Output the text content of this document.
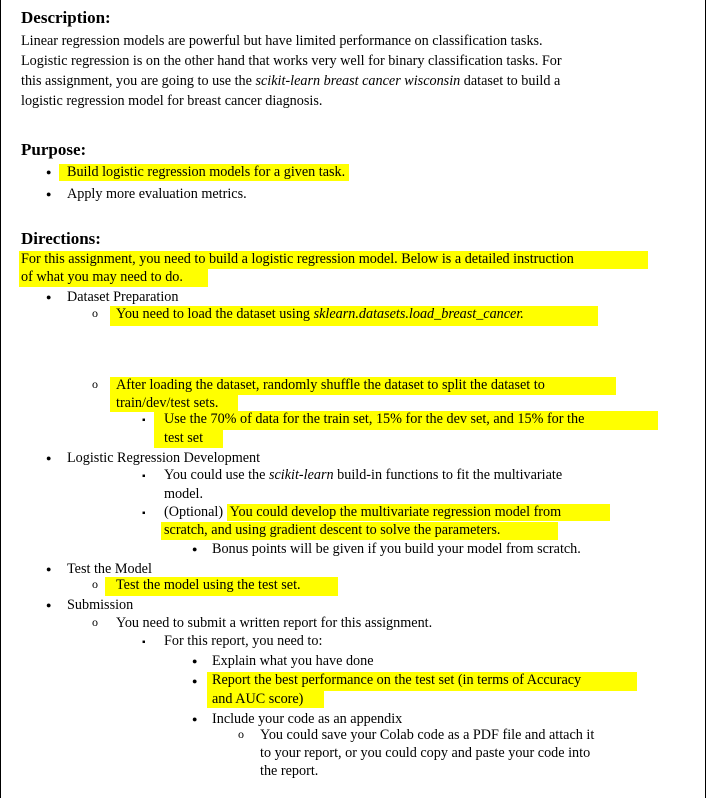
Description:
Linear regression models are powerful but have limited performance on classification tasks.
Logistic regression is on the other hand that works very well for binary classification tasks. For
this assignment, you are going to use the scikit-learn breast cancer wisconsin dataset to build a
logistic regression model for breast cancer diagnosis.
Purpose:
●
Build logistic regression models for a given task.
●
Apply more evaluation metrics.
Directions:
For this assignment, you need to build a logistic regression model. Below is a detailed instruction
of what you may need to do.
●
Dataset Preparation
o
You need to load the dataset using sklearn.datasets.load_breast_cancer.
o
After loading the dataset, randomly shuffle the dataset to split the dataset to
train/dev/test sets.
▪
Use the 70% of data for the train set, 15% for the dev set, and 15% for the
test set
●
Logistic Regression Development
▪
You could use the scikit-learn build-in functions to fit the multivariate
model.
▪
(Optional) You could develop the multivariate regression model from
scratch, and using gradient descent to solve the parameters.
●
Bonus points will be given if you build your model from scratch.
●
Test the Model
o
Test the model using the test set.
●
Submission
o
You need to submit a written report for this assignment.
▪
For this report, you need to:
●
Explain what you have done
●
Report the best performance on the test set (in terms of Accuracy
and AUC score)
●
Include your code as an appendix
o
You could save your Colab code as a PDF file and attach it
to your report, or you could copy and paste your code into
the report.
